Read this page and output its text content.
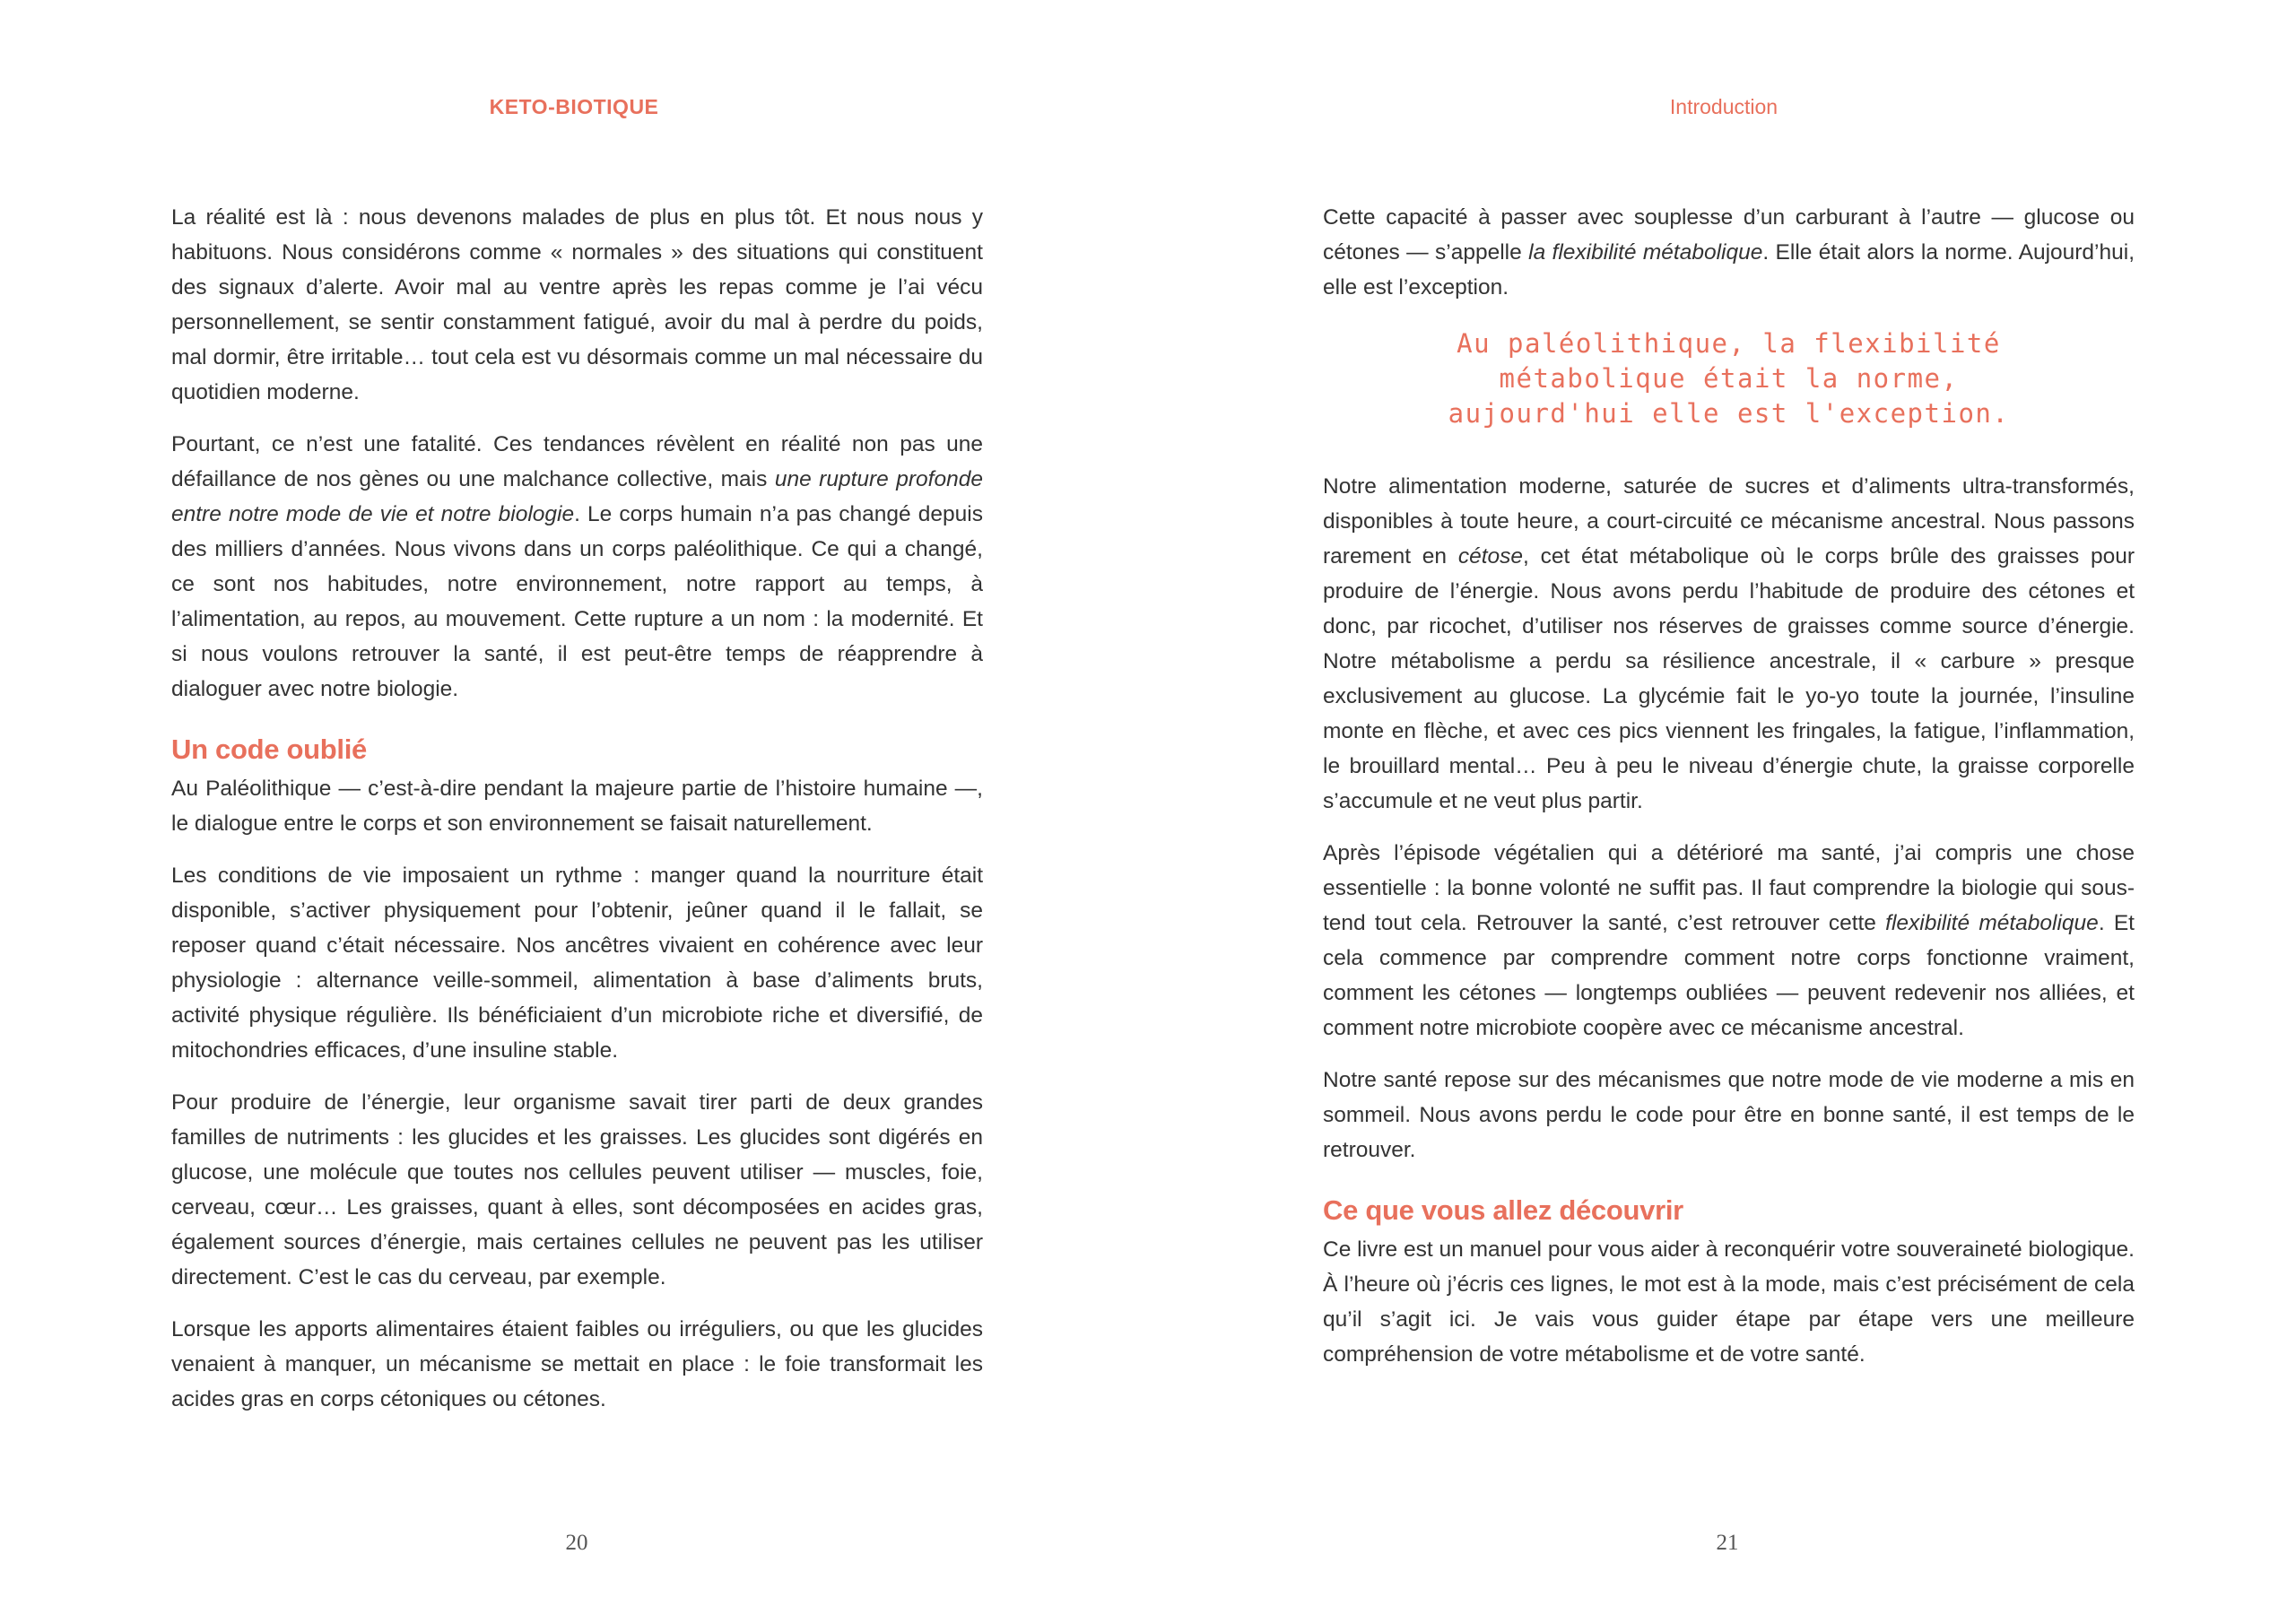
KETO-BIOTIQUE

La réalité est là : nous devenons malades de plus en plus tôt. Et nous nous y habituons. Nous considérons comme « normales » des situations qui constituent des signaux d’alerte. Avoir mal au ventre après les repas comme je l’ai vécu personnellement, se sentir constamment fatigué, avoir du mal à perdre du poids, mal dormir, être irritable… tout cela est vu désormais comme un mal nécessaire du quotidien moderne.

Pourtant, ce n’est une fatalité. Ces tendances révèlent en réalité non pas une défaillance de nos gènes ou une malchance collective, mais une rupture profonde entre notre mode de vie et notre biologie. Le corps humain n’a pas changé depuis des milliers d’années. Nous vivons dans un corps paléolithique. Ce qui a changé, ce sont nos habitudes, notre environnement, notre rapport au temps, à l’alimentation, au repos, au mouvement. Cette rupture a un nom : la modernité. Et si nous voulons retrouver la santé, il est peut-être temps de réapprendre à dialoguer avec notre biologie.

Un code oublié

Au Paléolithique — c’est-à-dire pendant la majeure partie de l’histoire humaine —, le dialogue entre le corps et son environnement se faisait naturellement.

Les conditions de vie imposaient un rythme : manger quand la nourriture était disponible, s’activer physiquement pour l’obtenir, jeûner quand il le fallait, se reposer quand c’était nécessaire. Nos ancêtres vivaient en cohérence avec leur physiologie : alternance veille-sommeil, alimentation à base d’aliments bruts, activité physique régulière. Ils bénéficiaient d’un microbiote riche et diversifié, de mitochondries efficaces, d’une insuline stable.

Pour produire de l’énergie, leur organisme savait tirer parti de deux grandes familles de nutriments : les glucides et les graisses. Les glucides sont digérés en glucose, une molécule que toutes nos cellules peuvent utiliser — muscles, foie, cerveau, cœur… Les graisses, quant à elles, sont décomposées en acides gras, également sources d’énergie, mais certaines cellules ne peuvent pas les utiliser directement. C’est le cas du cerveau, par exemple.

Lorsque les apports alimentaires étaient faibles ou irréguliers, ou que les glucides venaient à manquer, un mécanisme se mettait en place : le foie transformait les acides gras en corps cétoniques ou cétones.

20
Introduction

Cette capacité à passer avec souplesse d’un carburant à l’autre — glucose ou cétones — s’appelle la flexibilité métabolique. Elle était alors la norme. Aujourd’hui, elle est l’exception.

Au paléolithique, la flexibilité
métabolique était la norme,
aujourd'hui elle est l'exception.

Notre alimentation moderne, saturée de sucres et d’aliments ultra-transformés, disponibles à toute heure, a court-circuité ce mécanisme ancestral. Nous passons rarement en cétose, cet état métabolique où le corps brûle des graisses pour produire de l’énergie. Nous avons perdu l’habitude de produire des cétones et donc, par ricochet, d’utiliser nos réserves de graisses comme source d’énergie. Notre métabolisme a perdu sa résilience ancestrale, il « carbure » presque exclusivement au glucose. La glycémie fait le yo-yo toute la journée, l’insuline monte en flèche, et avec ces pics viennent les fringales, la fatigue, l’inflammation, le brouillard mental… Peu à peu le niveau d’énergie chute, la graisse corporelle s’accumule et ne veut plus partir.

Après l’épisode végétalien qui a détérioré ma santé, j’ai compris une chose essentielle : la bonne volonté ne suffit pas. Il faut comprendre la biologie qui sous-tend tout cela. Retrouver la santé, c’est retrouver cette flexibilité métabolique. Et cela commence par comprendre comment notre corps fonctionne vraiment, comment les cétones — longtemps oubliées — peuvent redevenir nos alliées, et comment notre microbiote coopère avec ce mécanisme ancestral.

Notre santé repose sur des mécanismes que notre mode de vie moderne a mis en sommeil. Nous avons perdu le code pour être en bonne santé, il est temps de le retrouver.

Ce que vous allez découvrir

Ce livre est un manuel pour vous aider à reconquérir votre souveraineté biologique. À l’heure où j’écris ces lignes, le mot est à la mode, mais c’est précisément de cela qu’il s’agit ici. Je vais vous guider étape par étape vers une meilleure compréhension de votre métabolisme et de votre santé.

21
